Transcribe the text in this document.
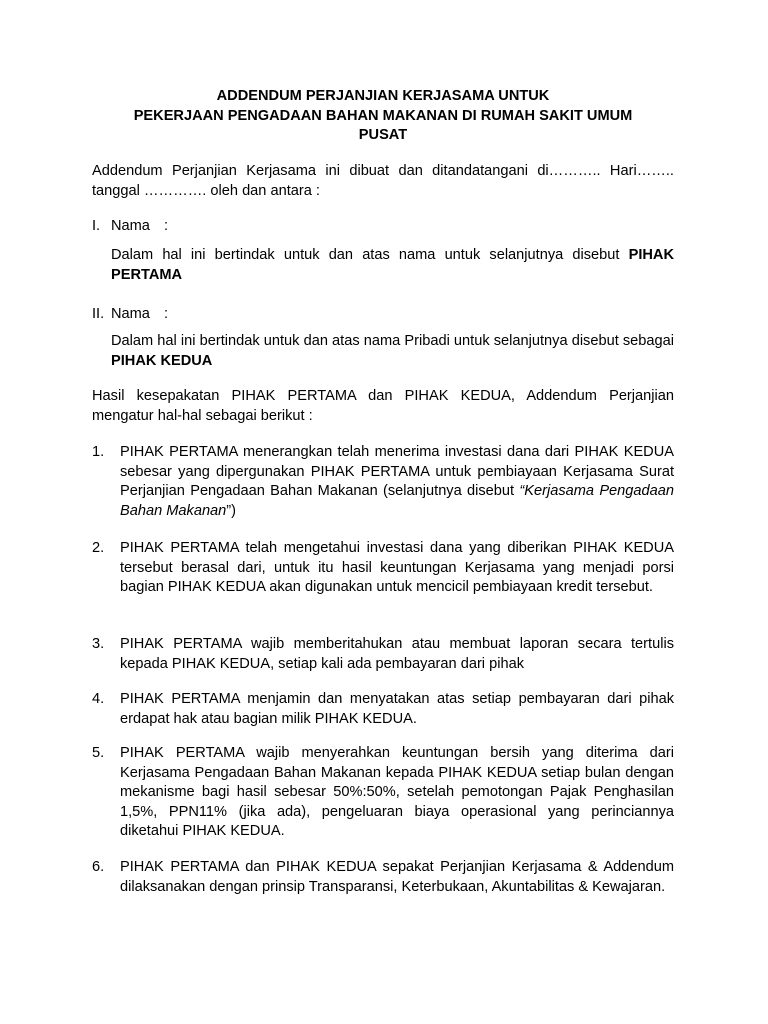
ADDENDUM PERJANJIAN KERJASAMA UNTUK
PEKERJAAN PENGADAAN BAHAN MAKANAN DI RUMAH SAKIT UMUM
PUSAT
Addendum Perjanjian Kerjasama ini dibuat dan ditandatangani di……….. Hari…….. tanggal …………. oleh dan antara :
I. Nama :
Dalam hal ini bertindak untuk dan atas nama untuk selanjutnya disebut PIHAK PERTAMA
II. Nama :
Dalam hal ini bertindak untuk dan atas nama Pribadi untuk selanjutnya disebut sebagai PIHAK KEDUA
Hasil kesepakatan PIHAK PERTAMA dan PIHAK KEDUA, Addendum Perjanjian mengatur hal-hal sebagai berikut :
1.	PIHAK PERTAMA menerangkan telah menerima investasi dana dari PIHAK KEDUA sebesar yang dipergunakan PIHAK PERTAMA untuk pembiayaan Kerjasama Surat Perjanjian Pengadaan Bahan Makanan (selanjutnya disebut “Kerjasama Pengadaan Bahan Makanan”)
2.	PIHAK PERTAMA telah mengetahui investasi dana yang diberikan PIHAK KEDUA tersebut berasal dari, untuk itu hasil keuntungan Kerjasama yang menjadi porsi bagian PIHAK KEDUA akan digunakan untuk mencicil pembiayaan kredit tersebut.
3.	PIHAK PERTAMA wajib memberitahukan atau membuat laporan secara tertulis kepada PIHAK KEDUA, setiap kali ada pembayaran dari pihak
4.	PIHAK PERTAMA menjamin dan menyatakan atas setiap pembayaran dari pihak erdapat hak atau bagian milik PIHAK KEDUA.
5.	PIHAK PERTAMA wajib menyerahkan keuntungan bersih yang diterima dari Kerjasama Pengadaan Bahan Makanan kepada PIHAK KEDUA setiap bulan dengan mekanisme bagi hasil sebesar 50%:50%, setelah pemotongan Pajak Penghasilan 1,5%, PPN11% (jika ada), pengeluaran biaya operasional yang perinciannya diketahui PIHAK KEDUA.
6.	PIHAK PERTAMA dan PIHAK KEDUA sepakat Perjanjian Kerjasama & Addendum dilaksanakan dengan prinsip Transparansi, Keterbukaan, Akuntabilitas & Kewajaran.
